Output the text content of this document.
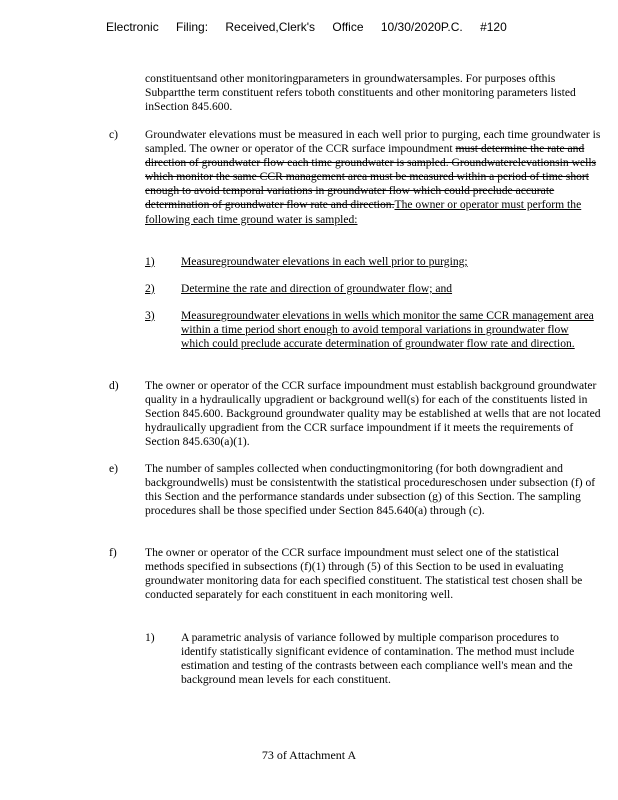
Electronic Filing: Received,Clerk's Office 10/30/2020P.C. #120
constituentsand other monitoringparameters in groundwatersamples. For purposes ofthis Subpartthe term constituent refers toboth constituents and other monitoring parameters listed inSection 845.600.
c) Groundwater elevations must be measured in each well prior to purging, each time groundwater is sampled. The owner or operator of the CCR surface impoundment must determine the rate and direction of groundwater flow each time groundwater is sampled. Groundwaterelevationsin wells which monitor the same CCR management area must be measured within a period of time short enough to avoid temporal variations in groundwater flow which could preclude accurate determination of groundwater flow rate and direction.The owner or operator must perform the following each time ground water is sampled:
1) Measuregroundwater elevations in each well prior to purging;
2) Determine the rate and direction of groundwater flow; and
3) Measuregroundwater elevations in wells which monitor the same CCR management area within a time period short enough to avoid temporal variations in groundwater flow which could preclude accurate determination of groundwater flow rate and direction.
d) The owner or operator of the CCR surface impoundment must establish background groundwater quality in a hydraulically upgradient or background well(s) for each of the constituents listed in Section 845.600. Background groundwater quality may be established at wells that are not located hydraulically upgradient from the CCR surface impoundment if it meets the requirements of Section 845.630(a)(1).
e) The number of samples collected when conductingmonitoring (for both downgradient and backgroundwells) must be consistentwith the statistical procedureschosen under subsection (f) of this Section and the performance standards under subsection (g) of this Section. The sampling procedures shall be those specified under Section 845.640(a) through (c).
f) The owner or operator of the CCR surface impoundment must select one of the statistical methods specified in subsections (f)(1) through (5) of this Section to be used in evaluating groundwater monitoring data for each specified constituent. The statistical test chosen shall be conducted separately for each constituent in each monitoring well.
1) A parametric analysis of variance followed by multiple comparison procedures to identify statistically significant evidence of contamination. The method must include estimation and testing of the contrasts between each compliance well's mean and the background mean levels for each constituent.
73 of Attachment A
